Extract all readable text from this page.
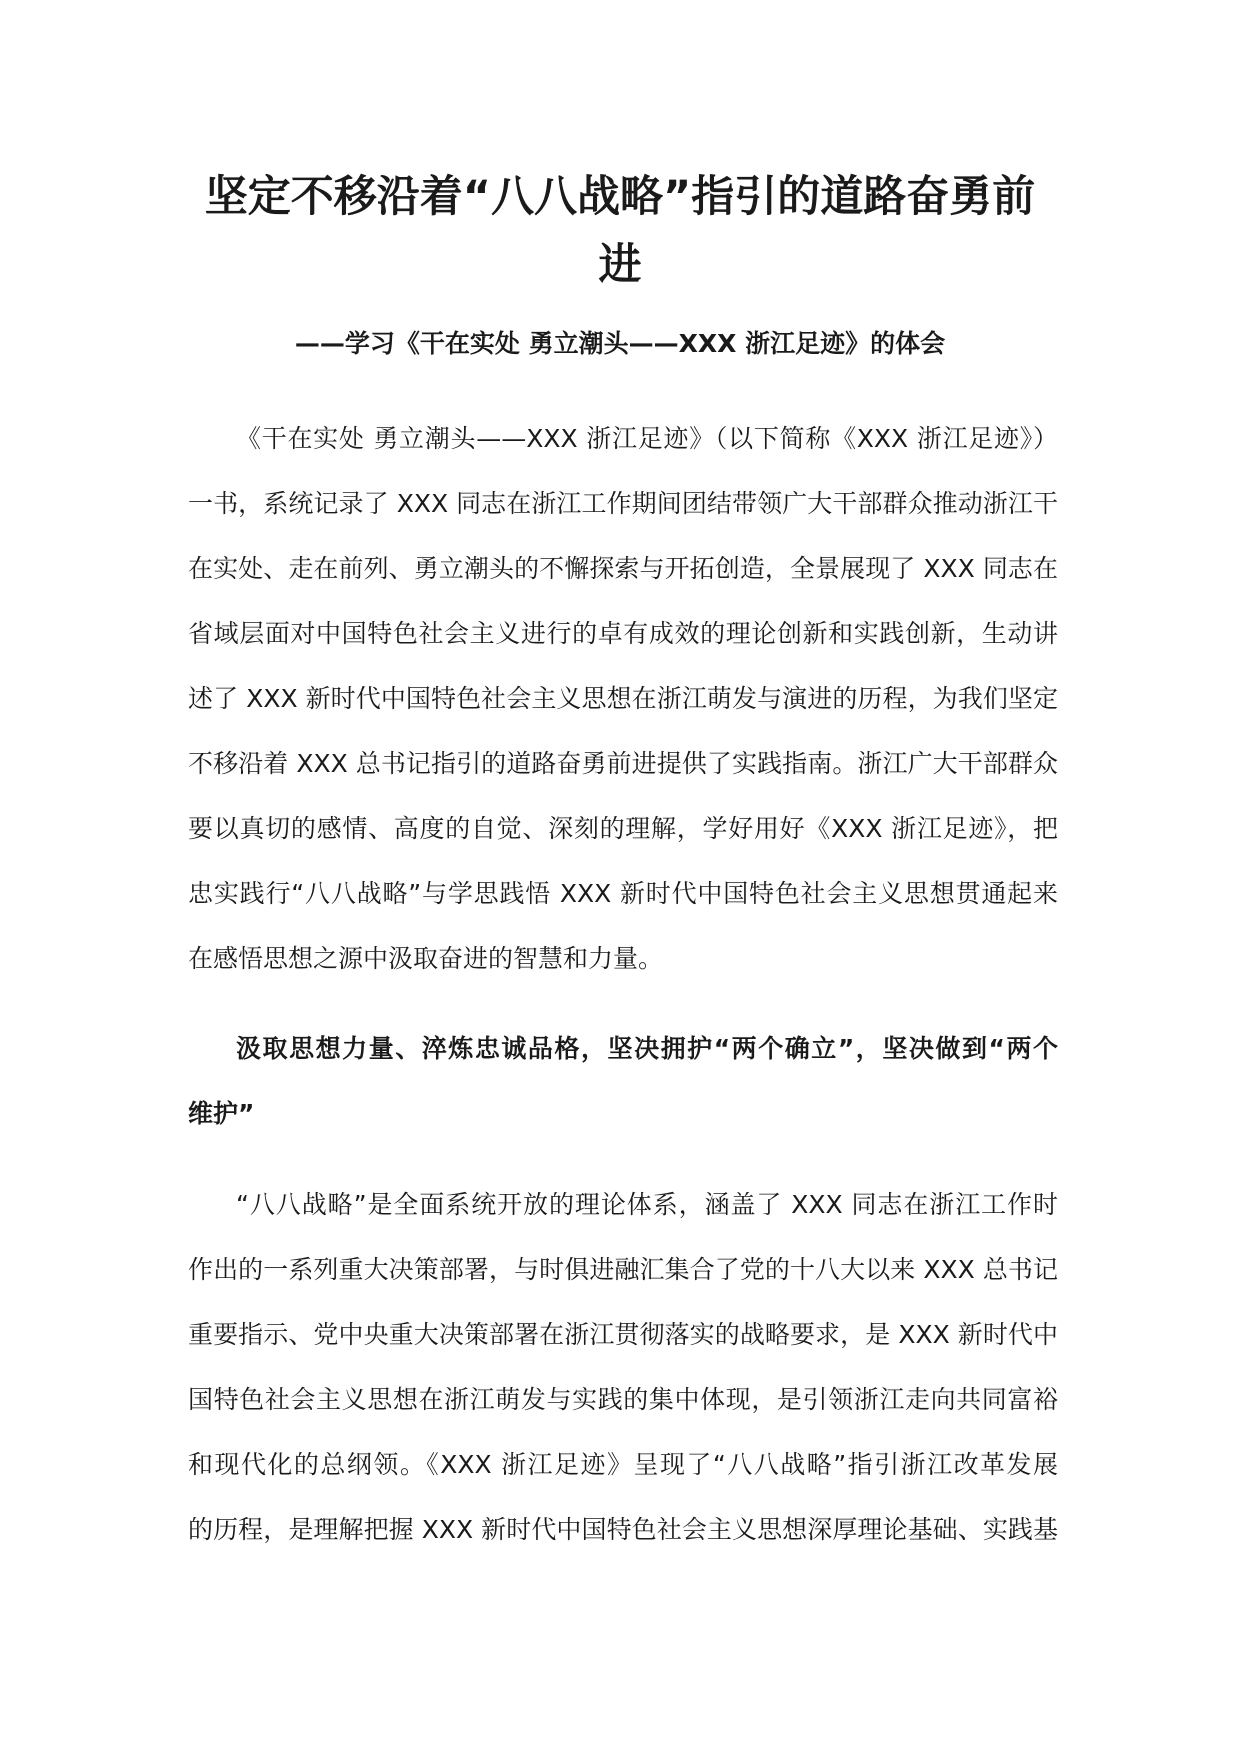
坚定不移沿着“八八战略”指引的道路奋勇前
进
——学习《干在实处 勇立潮头——XXX 浙江足迹》的体会
《干在实处 勇立潮头——XXX 浙江足迹》（以下简称《XXX 浙江足迹》）
一书，系统记录了 XXX 同志在浙江工作期间团结带领广大干部群众推动浙江干
在实处、走在前列、勇立潮头的不懈探索与开拓创造，全景展现了 XXX 同志在
省域层面对中国特色社会主义进行的卓有成效的理论创新和实践创新，生动讲
述了 XXX 新时代中国特色社会主义思想在浙江萌发与演进的历程，为我们坚定
不移沿着 XXX 总书记指引的道路奋勇前进提供了实践指南。浙江广大干部群众
要以真切的感情、高度的自觉、深刻的理解，学好用好《XXX 浙江足迹》，把
忠实践行“八八战略”与学思践悟 XXX 新时代中国特色社会主义思想贯通起来
在感悟思想之源中汲取奋进的智慧和力量。
汲取思想力量、淬炼忠诚品格，坚决拥护“两个确立”，坚决做到“两个
维护”
“八八战略”是全面系统开放的理论体系，涵盖了 XXX 同志在浙江工作时
作出的一系列重大决策部署，与时俱进融汇集合了党的十八大以来 XXX 总书记
重要指示、党中央重大决策部署在浙江贯彻落实的战略要求，是 XXX 新时代中
国特色社会主义思想在浙江萌发与实践的集中体现，是引领浙江走向共同富裕
和现代化的总纲领。《XXX 浙江足迹》呈现了“八八战略”指引浙江改革发展
的历程，是理解把握 XXX 新时代中国特色社会主义思想深厚理论基础、实践基
